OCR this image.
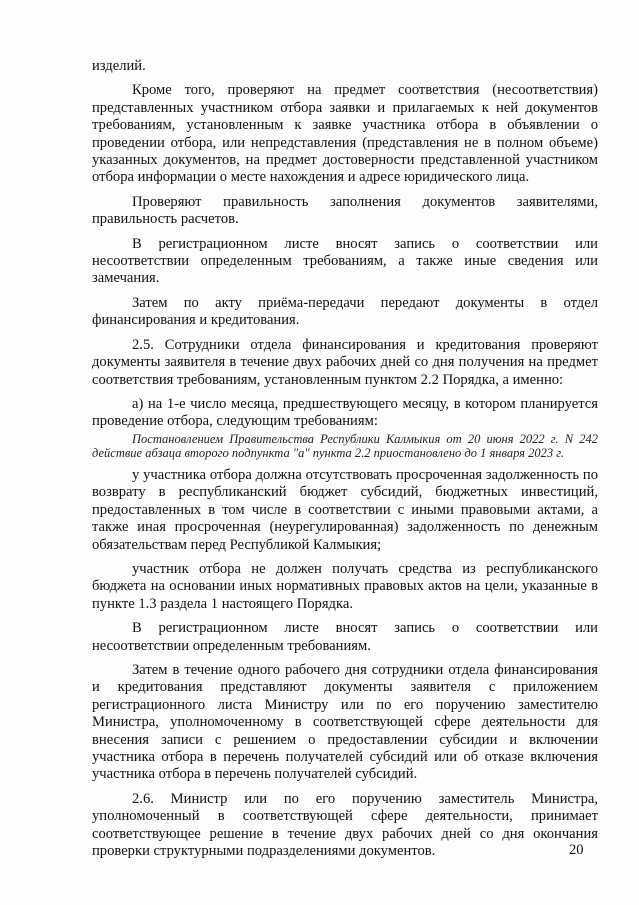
изделий.

Кроме того, проверяют на предмет соответствия (несоответствия) представленных участником отбора заявки и прилагаемых к ней документов требованиям, установленным к заявке участника отбора в объявлении о проведении отбора, или непредставления (представления не в полном объеме) указанных документов, на предмет достоверности представленной участником отбора информации о месте нахождения и адресе юридического лица.

Проверяют правильность заполнения документов заявителями, правильность расчетов.

В регистрационном листе вносят запись о соответствии или несоответствии определенным требованиям, а также иные сведения или замечания.

Затем по акту приёма-передачи передают документы в отдел финансирования и кредитования.

2.5. Сотрудники отдела финансирования и кредитования проверяют документы заявителя в течение двух рабочих дней со дня получения на предмет соответствия требованиям, установленным пунктом 2.2 Порядка, а именно:

а) на 1-е число месяца, предшествующего месяцу, в котором планируется проведение отбора, следующим требованиям:

Постановлением Правительства Республики Калмыкия от 20 июня 2022 г. N 242 действие абзаца второго подпункта "а" пункта 2.2 приостановлено до 1 января 2023 г.

у участника отбора должна отсутствовать просроченная задолженность по возврату в республиканский бюджет субсидий, бюджетных инвестиций, предоставленных в том числе в соответствии с иными правовыми актами, а также иная просроченная (неурегулированная) задолженность по денежным обязательствам перед Республикой Калмыкия;

участник отбора не должен получать средства из республиканского бюджета на основании иных нормативных правовых актов на цели, указанные в пункте 1.3 раздела 1 настоящего Порядка.

В регистрационном листе вносят запись о соответствии или несоответствии определенным требованиям.

Затем в течение одного рабочего дня сотрудники отдела финансирования и кредитования представляют документы заявителя с приложением регистрационного листа Министру или по его поручению заместителю Министра, уполномоченному в соответствующей сфере деятельности для внесения записи с решением о предоставлении субсидии и включении участника отбора в перечень получателей субсидий или об отказе включения участника отбора в перечень получателей субсидий.

2.6. Министр или по его поручению заместитель Министра, уполномоченный в соответствующей сфере деятельности, принимает соответствующее решение в течение двух рабочих дней со дня окончания проверки структурными подразделениями документов.	20
